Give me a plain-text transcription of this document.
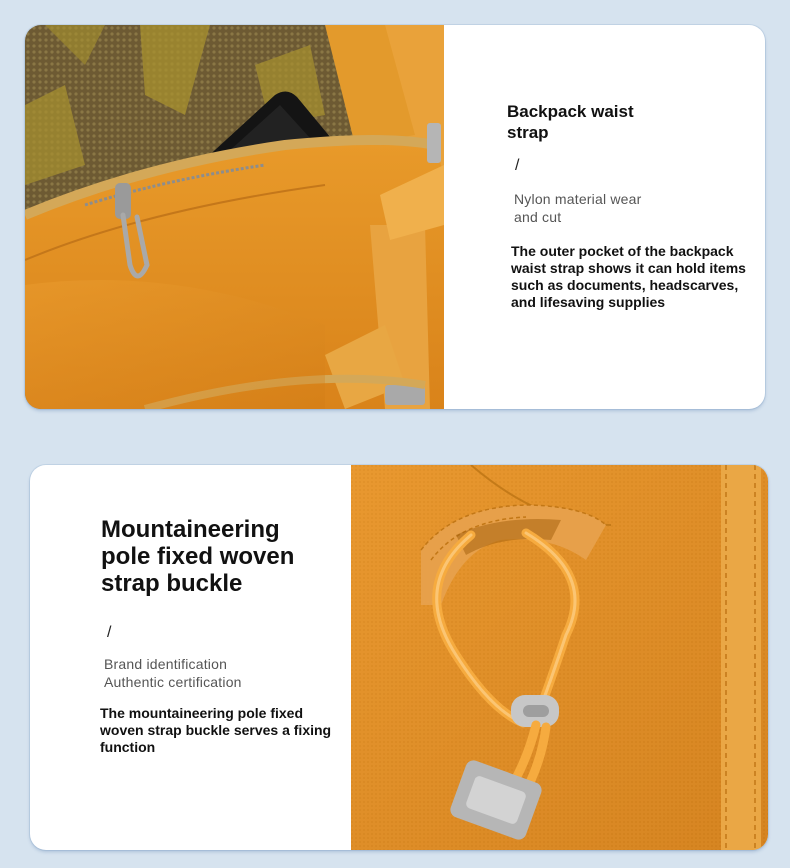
Backpack waist
strap
/
Nylon material wear
and cut
The outer pocket of the backpack
waist strap shows it can hold items
such as documents, headscarves,
and lifesaving supplies
Mountaineering
pole fixed woven
strap buckle
/
Brand identification
Authentic certification
The mountaineering pole fixed
woven strap buckle serves a fixing
function
